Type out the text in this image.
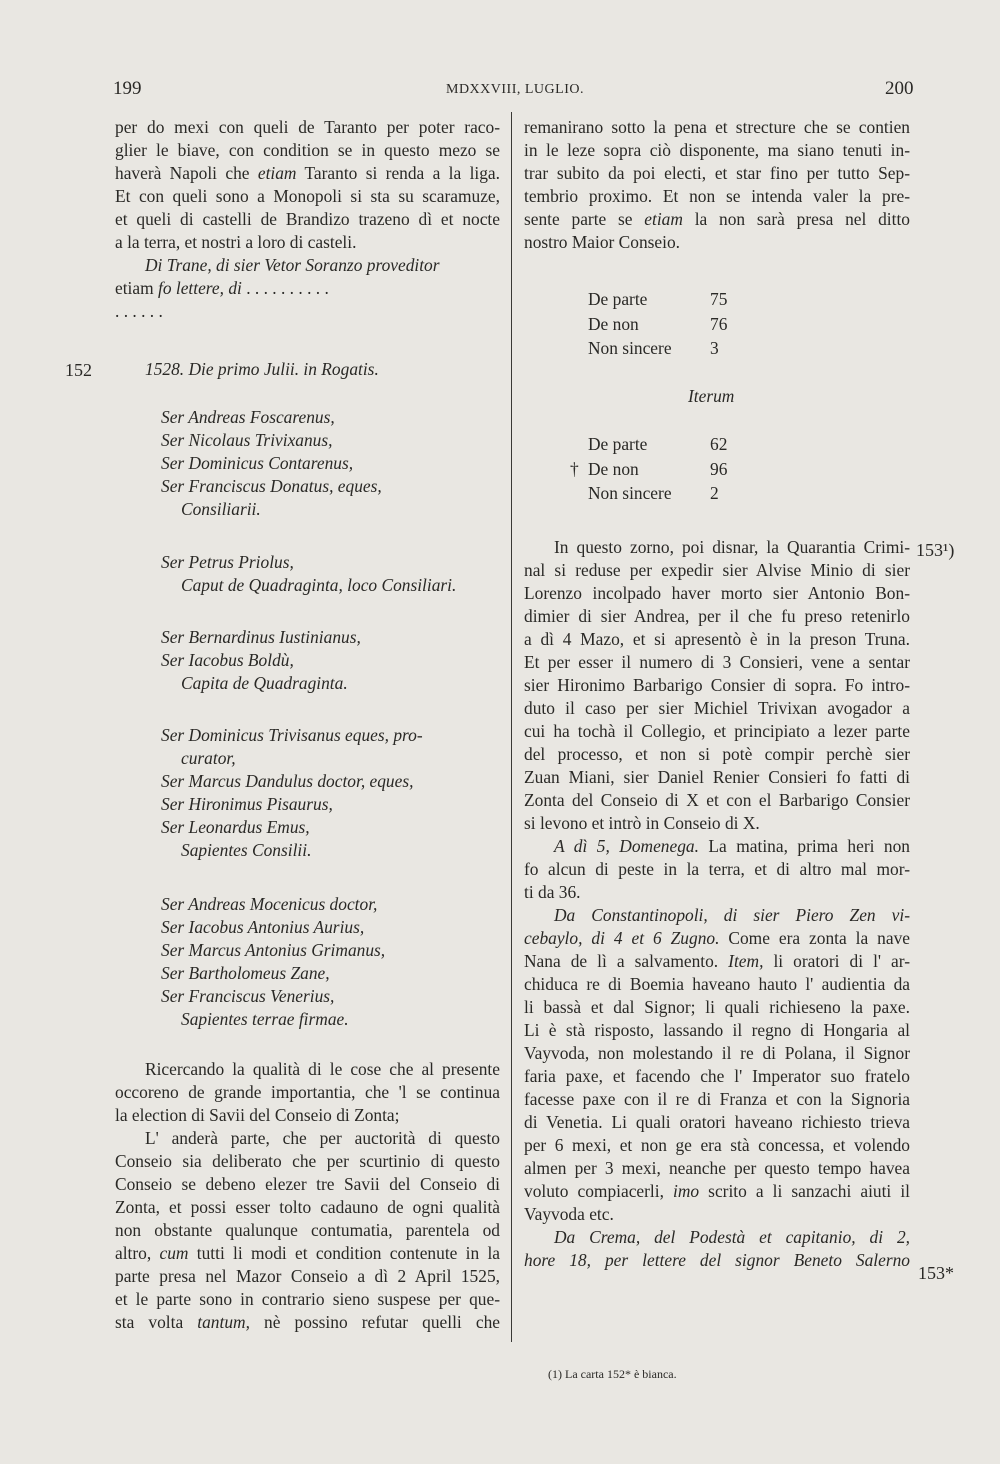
199	MDXXVIII, LUGLIO.	200
per do mexi con queli de Taranto per poter raco-
glier le biave, con condition se in questo mezo se
haverà Napoli che etiam Taranto si renda a la liga.
Et con queli sono a Monopoli si sta su scaramuze,
et queli di castelli de Brandizo trazeno dì et nocte
a la terra, et nostri a loro di casteli.
Di Trane, di sier Vetor Soranzo proveditor
etiam fo lettere, di . . . . . . . . . .
. . . . . .
152	1528. Die primo Julii. in Rogatis.
Ser Andreas Foscarenus,
Ser Nicolaus Trivixanus,
Ser Dominicus Contarenus,
Ser Franciscus Donatus, eques,
Consiliarii.
Ser Petrus Priolus,
Caput de Quadraginta, loco Consiliari.
Ser Bernardinus Iustinianus,
Ser Iacobus Boldù,
Capita de Quadraginta.
Ser Dominicus Trivisanus eques, pro-
curator,
Ser Marcus Dandulus doctor, eques,
Ser Hironimus Pisaurus,
Ser Leonardus Emus,
Sapientes Consilii.
Ser Andreas Mocenicus doctor,
Ser Iacobus Antonius Aurius,
Ser Marcus Antonius Grimanus,
Ser Bartholomeus Zane,
Ser Franciscus Venerius,
Sapientes terrae firmae.
Ricercando la qualità di le cose che al presente
occoreno de grande importantia, che 'l se continua
la election di Savii del Conseio di Zonta;
L' anderà parte, che per auctorità di questo
Conseio sia deliberato che per scurtinio di questo
Conseio se debeno elezer tre Savii del Conseio di
Zonta, et possi esser tolto cadauno de ogni qualità
non obstante qualunque contumatia, parentela od
altro, cum tutti li modi et condition contenute in la
parte presa nel Mazor Conseio a dì 2 April 1525,
et le parte sono in contrario sieno suspese per que-
sta volta tantum, nè possino refutar quelli che
remanirano sotto la pena et strecture che se contien
in le leze sopra ciò disponente, ma siano tenuti in-
trar subito da poi electi, et star fino per tutto Sep-
tembrio proximo. Et non se intenda valer la pre-
sente parte se etiam la non sarà presa nel ditto
nostro Maior Conseio.
De parte	75
De non	76
Non sincere 3
Iterum
†
De parte	62
De non	96
Non sincere 2
153¹)
In questo zorno, poi disnar, la Quarantia Crimi-
nal si reduse per expedir sier Alvise Minio di sier
Lorenzo incolpado haver morto sier Antonio Bon-
dimier di sier Andrea, per il che fu preso retenirlo
a dì 4 Mazo, et si apresentò è in la preson Truna.
Et per esser il numero di 3 Consieri, vene a sentar
sier Hironimo Barbarigo Consier di sopra. Fo intro-
duto il caso per sier Michiel Trivixan avogador a
cui ha tochà il Collegio, et principiato a lezer parte
del processo, et non si potè compir perchè sier
Zuan Miani, sier Daniel Renier Consieri fo fatti di
Zonta del Conseio di X et con el Barbarigo Consier
si levono et intrò in Conseio di X.
A dì 5, Domenega. La matina, prima heri non
fo alcun di peste in la terra, et di altro mal mor-
ti da 36.
Da Constantinopoli, di sier Piero Zen vi-
cebaylo, di 4 et 6 Zugno. Come era zonta la nave
Nana de lì a salvamento. Item, li oratori di l' ar-
chiduca re di Boemia haveano hauto l' audientia da
li bassà et dal Signor; li quali richieseno la paxe.
Li è stà risposto, lassando il regno di Hongaria al
Vayvoda, non molestando il re di Polana, il Signor
faria paxe, et facendo che l' Imperator suo fratelo
facesse paxe con il re di Franza et con la Signoria
di Venetia. Li quali oratori haveano richiesto trieva
per 6 mexi, et non ge era stà concessa, et volendo
almen per 3 mexi, neanche per questo tempo havea
voluto compiacerli, imo scrito a li sanzachi aiuti il
Vayvoda etc.
Da Crema, del Podestà et capitanio, di 2,
hore 18, per lettere del signor Beneto Salerno
153*
(1) La carta 152* è bianca.
